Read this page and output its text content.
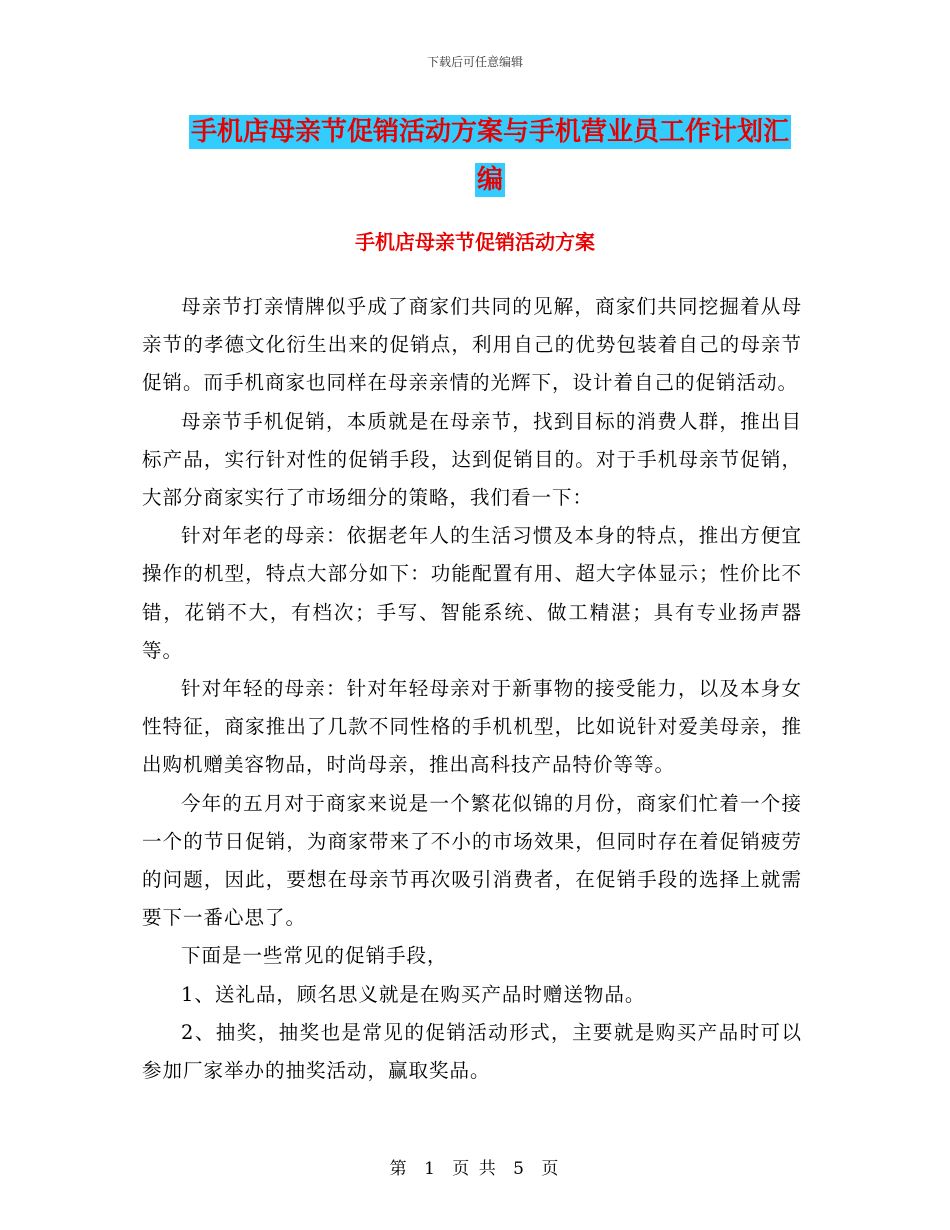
下载后可任意编辑
手机店母亲节促销活动方案与手机营业员工作计划汇
编
手机店母亲节促销活动方案

母亲节打亲情牌似乎成了商家们共同的见解，商家们共同挖掘着从母亲节的孝德文化衍生出来的促销点，利用自己的优势包装着自己的母亲节促销。而手机商家也同样在母亲亲情的光辉下，设计着自己的促销活动。

母亲节手机促销，本质就是在母亲节，找到目标的消费人群，推出目标产品，实行针对性的促销手段，达到促销目的。对于手机母亲节促销，大部分商家实行了市场细分的策略，我们看一下：

针对年老的母亲：依据老年人的生活习惯及本身的特点，推出方便宜操作的机型，特点大部分如下：功能配置有用、超大字体显示；性价比不错，花销不大，有档次；手写、智能系统、做工精湛；具有专业扬声器等。

针对年轻的母亲：针对年轻母亲对于新事物的接受能力，以及本身女性特征，商家推出了几款不同性格的手机机型，比如说针对爱美母亲，推出购机赠美容物品，时尚母亲，推出高科技产品特价等等。

今年的五月对于商家来说是一个繁花似锦的月份，商家们忙着一个接一个的节日促销，为商家带来了不小的市场效果，但同时存在着促销疲劳的问题，因此，要想在母亲节再次吸引消费者，在促销手段的选择上就需要下一番心思了。

下面是一些常见的促销手段，

1、送礼品，顾名思义就是在购买产品时赠送物品。

2、抽奖，抽奖也是常见的促销活动形式，主要就是购买产品时可以参加厂家举办的抽奖活动，赢取奖品。

第 1 页 共 5 页
